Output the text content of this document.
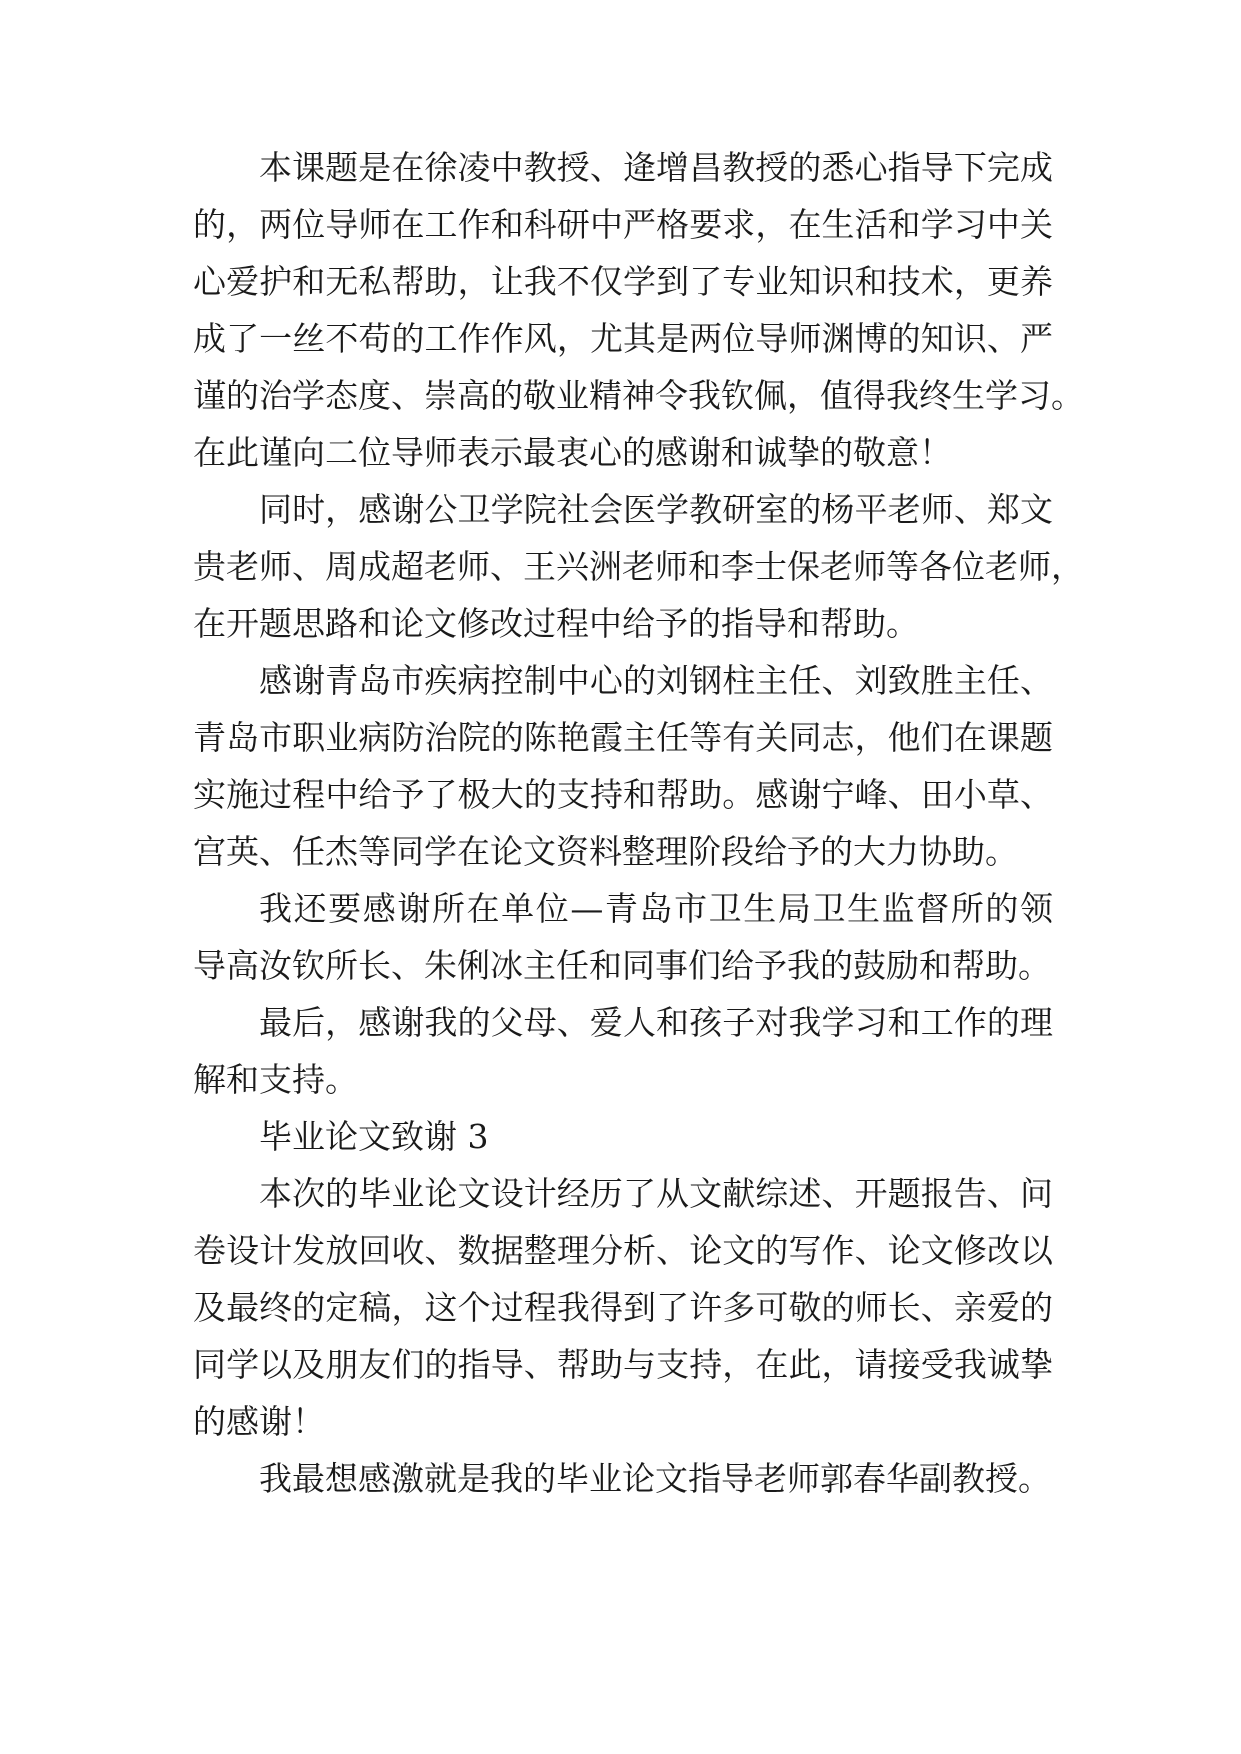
本课题是在徐凌中教授、逄增昌教授的悉心指导下完成
的，两位导师在工作和科研中严格要求，在生活和学习中关
心爱护和无私帮助，让我不仅学到了专业知识和技术，更养
成了一丝不苟的工作作风，尤其是两位导师渊博的知识、严
谨的治学态度、崇高的敬业精神令我钦佩，值得我终生学习。
在此谨向二位导师表示最衷心的感谢和诚挚的敬意！
同时，感谢公卫学院社会医学教研室的杨平老师、郑文
贵老师、周成超老师、王兴洲老师和李士保老师等各位老师，
在开题思路和论文修改过程中给予的指导和帮助。
感谢青岛市疾病控制中心的刘钢柱主任、刘致胜主任、
青岛市职业病防治院的陈艳霞主任等有关同志，他们在课题
实施过程中给予了极大的支持和帮助。感谢宁峰、田小草、
宫英、任杰等同学在论文资料整理阶段给予的大力协助。
我还要感谢所在单位—青岛市卫生局卫生监督所的领
导高汝钦所长、朱俐冰主任和同事们给予我的鼓励和帮助。
最后，感谢我的父母、爱人和孩子对我学习和工作的理
解和支持。
毕业论文致谢 3
本次的毕业论文设计经历了从文献综述、开题报告、问
卷设计发放回收、数据整理分析、论文的写作、论文修改以
及最终的定稿，这个过程我得到了许多可敬的师长、亲爱的
同学以及朋友们的指导、帮助与支持，在此，请接受我诚挚
的感谢！
我最想感激就是我的毕业论文指导老师郭春华副教授。
